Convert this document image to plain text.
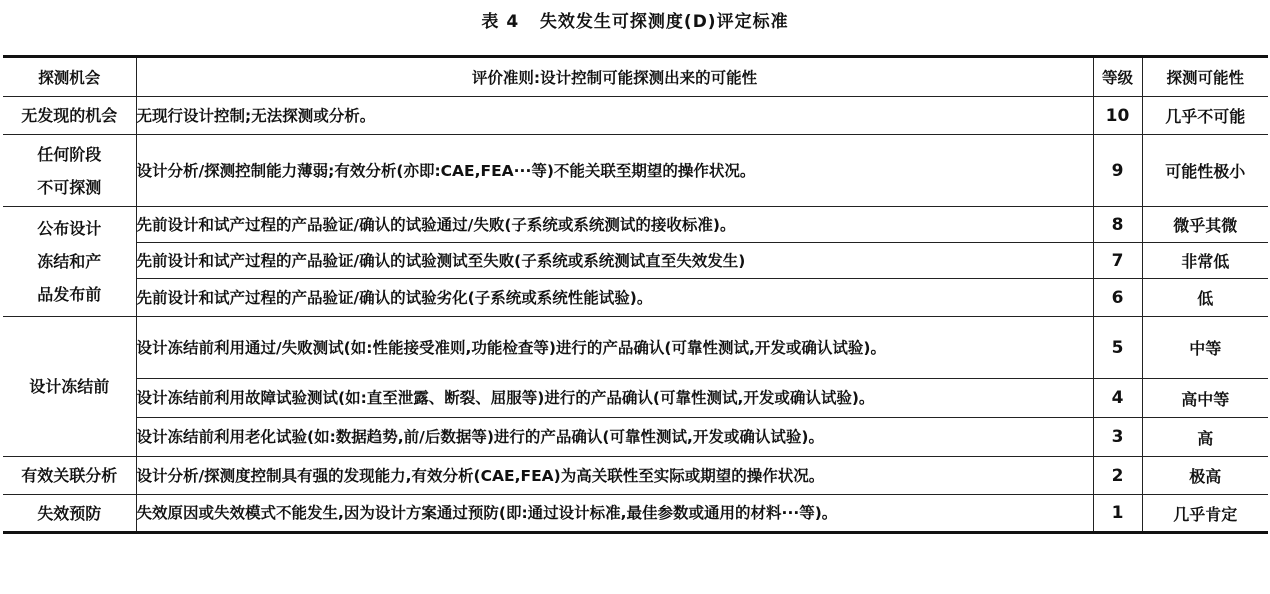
表 4   失效发生可探测度(D)评定标准
探测机会	评价准则:设计控制可能探测出来的可能性	等级	探测可能性
无发现的机会	无现行设计控制;无法探测或分析。	10	几乎不可能
任何阶段
不可探测	设计分析/探测控制能力薄弱;有效分析(亦即:CAE,FEA···等)不能关联至期望的操作状况。	9	可能性极小
公布设计
冻结和产
品发布前	先前设计和试产过程的产品验证/确认的试验通过/失败(子系统或系统测试的接收标准)。	8	微乎其微
	先前设计和试产过程的产品验证/确认的试验测试至失败(子系统或系统测试直至失效发生)	7	非常低
	先前设计和试产过程的产品验证/确认的试验劣化(子系统或系统性能试验)。	6	低
设计冻结前	设计冻结前利用通过/失败测试(如:性能接受准则,功能检查等)进行的产品确认(可靠性测试,开发或确认试验)。	5	中等
	设计冻结前利用故障试验测试(如:直至泄露、断裂、屈服等)进行的产品确认(可靠性测试,开发或确认试验)。	4	高中等
	设计冻结前利用老化试验(如:数据趋势,前/后数据等)进行的产品确认(可靠性测试,开发或确认试验)。	3	高
有效关联分析	设计分析/探测度控制具有强的发现能力,有效分析(CAE,FEA)为高关联性至实际或期望的操作状况。	2	极高
失效预防	失效原因或失效模式不能发生,因为设计方案通过预防(即:通过设计标准,最佳参数或通用的材料···等)。	1	几乎肯定
